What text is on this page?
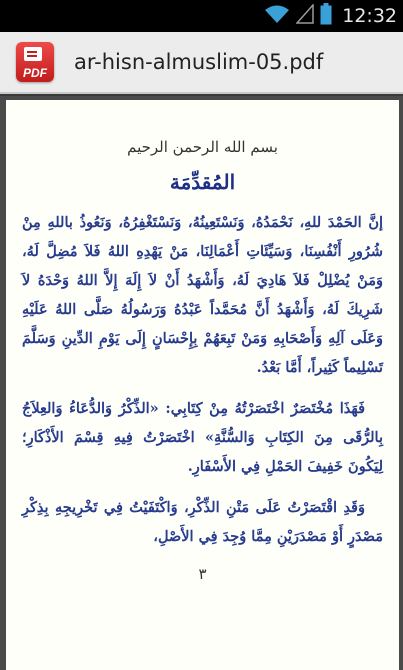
12:32
PDF	ar-hisn-almuslim-05.pdf
بسم الله الرحمن الرحيم
المُقدِّمَة

إنَّ الحَمْدَ للهِ، نَحْمَدُهُ، وَنَسْتَعِينُهُ، وَنَسْتَغْفِرُهُ، وَنَعُوذُ باللهِ مِنْ شُرُورِ أَنْفُسِنَا، وَسَيِّئَاتِ أَعْمَالِنَا، مَنْ يَهْدِهِ اللهُ فَلاَ مُضِلَّ لَهُ، وَمَنْ يُضْلِلْ فَلاَ هَادِيَ لَهُ، وَأَشْهَدُ أَنْ لاَ إِلَهَ إِلاَّ اللهُ وَحْدَهُ لاَ شَرِيكَ لَهُ، وَأَشْهَدُ أَنَّ مُحَمَّداً عَبْدُهُ وَرَسُولُهُ صَلَّى اللهُ عَلَيْهِ وَعَلَى آلِهِ وَأَصْحَابِهِ وَمَنْ تَبِعَهُمْ بِإِحْسَانٍ إِلَى يَوْمِ الدِّينِ وَسَلَّمَ تَسْلِيماً كَثِيراً، أَمَّا بَعْدُ.

فَهَذَا مُخْتَصَرٌ اخْتَصَرْتُهُ مِنْ كِتَابِي: «الذِّكْرُ وَالدُّعَاءُ وَالعِلاَجُ بِالرُّقَى مِنَ الكِتَابِ وَالسُّنَّةِ» اخْتَصَرْتُ فِيهِ قِسْمَ الأَذْكَارِ؛ لِيَكُونَ خَفِيفَ الحَمْلِ فِي الأَسْفَارِ.

وَقَدِ اقْتَصَرْتُ عَلَى مَتْنِ الذِّكْرِ، وَاكْتَفَيْتُ فِي تَخْرِيجِهِ بِذِكْرِ مَصْدَرٍ أَوْ مَصْدَرَيْنِ مِمَّا وُجِدَ فِي الأَصْلِ،

٣
